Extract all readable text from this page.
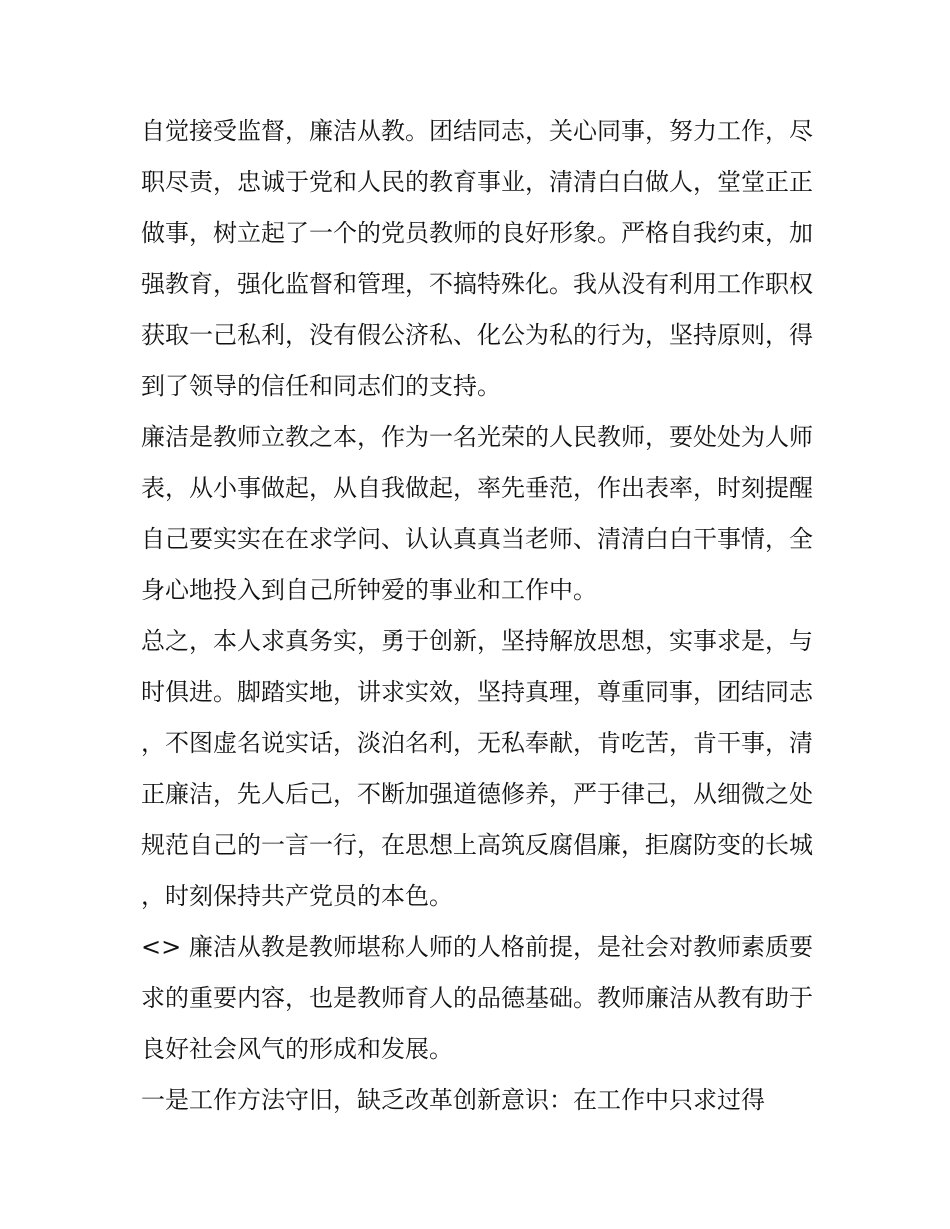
自觉接受监督，廉洁从教。团结同志，关心同事，努力工作，尽职尽责，忠诚于党和人民的教育事业，清清白白做人，堂堂正正做事，树立起了一个的党员教师的良好形象。严格自我约束，加强教育，强化监督和管理，不搞特殊化。我从没有利用工作职权获取一己私利，没有假公济私、化公为私的行为，坚持原则，得到了领导的信任和同志们的支持。

廉洁是教师立教之本，作为一名光荣的人民教师，要处处为人师表，从小事做起，从自我做起，率先垂范，作出表率，时刻提醒自己要实实在在求学问、认认真真当老师、清清白白干事情，全身心地投入到自己所钟爱的事业和工作中。

总之，本人求真务实，勇于创新，坚持解放思想，实事求是，与时俱进。脚踏实地，讲求实效，坚持真理，尊重同事，团结同志，不图虚名说实话，淡泊名利，无私奉献，肯吃苦，肯干事，清正廉洁，先人后己，不断加强道德修养，严于律己，从细微之处规范自己的一言一行，在思想上高筑反腐倡廉，拒腐防变的长城，时刻保持共产党员的本色。

<> 廉洁从教是教师堪称人师的人格前提，是社会对教师素质要求的重要内容，也是教师育人的品德基础。教师廉洁从教有助于良好社会风气的形成和发展。

一是工作方法守旧，缺乏改革创新意识：在工作中只求过得
